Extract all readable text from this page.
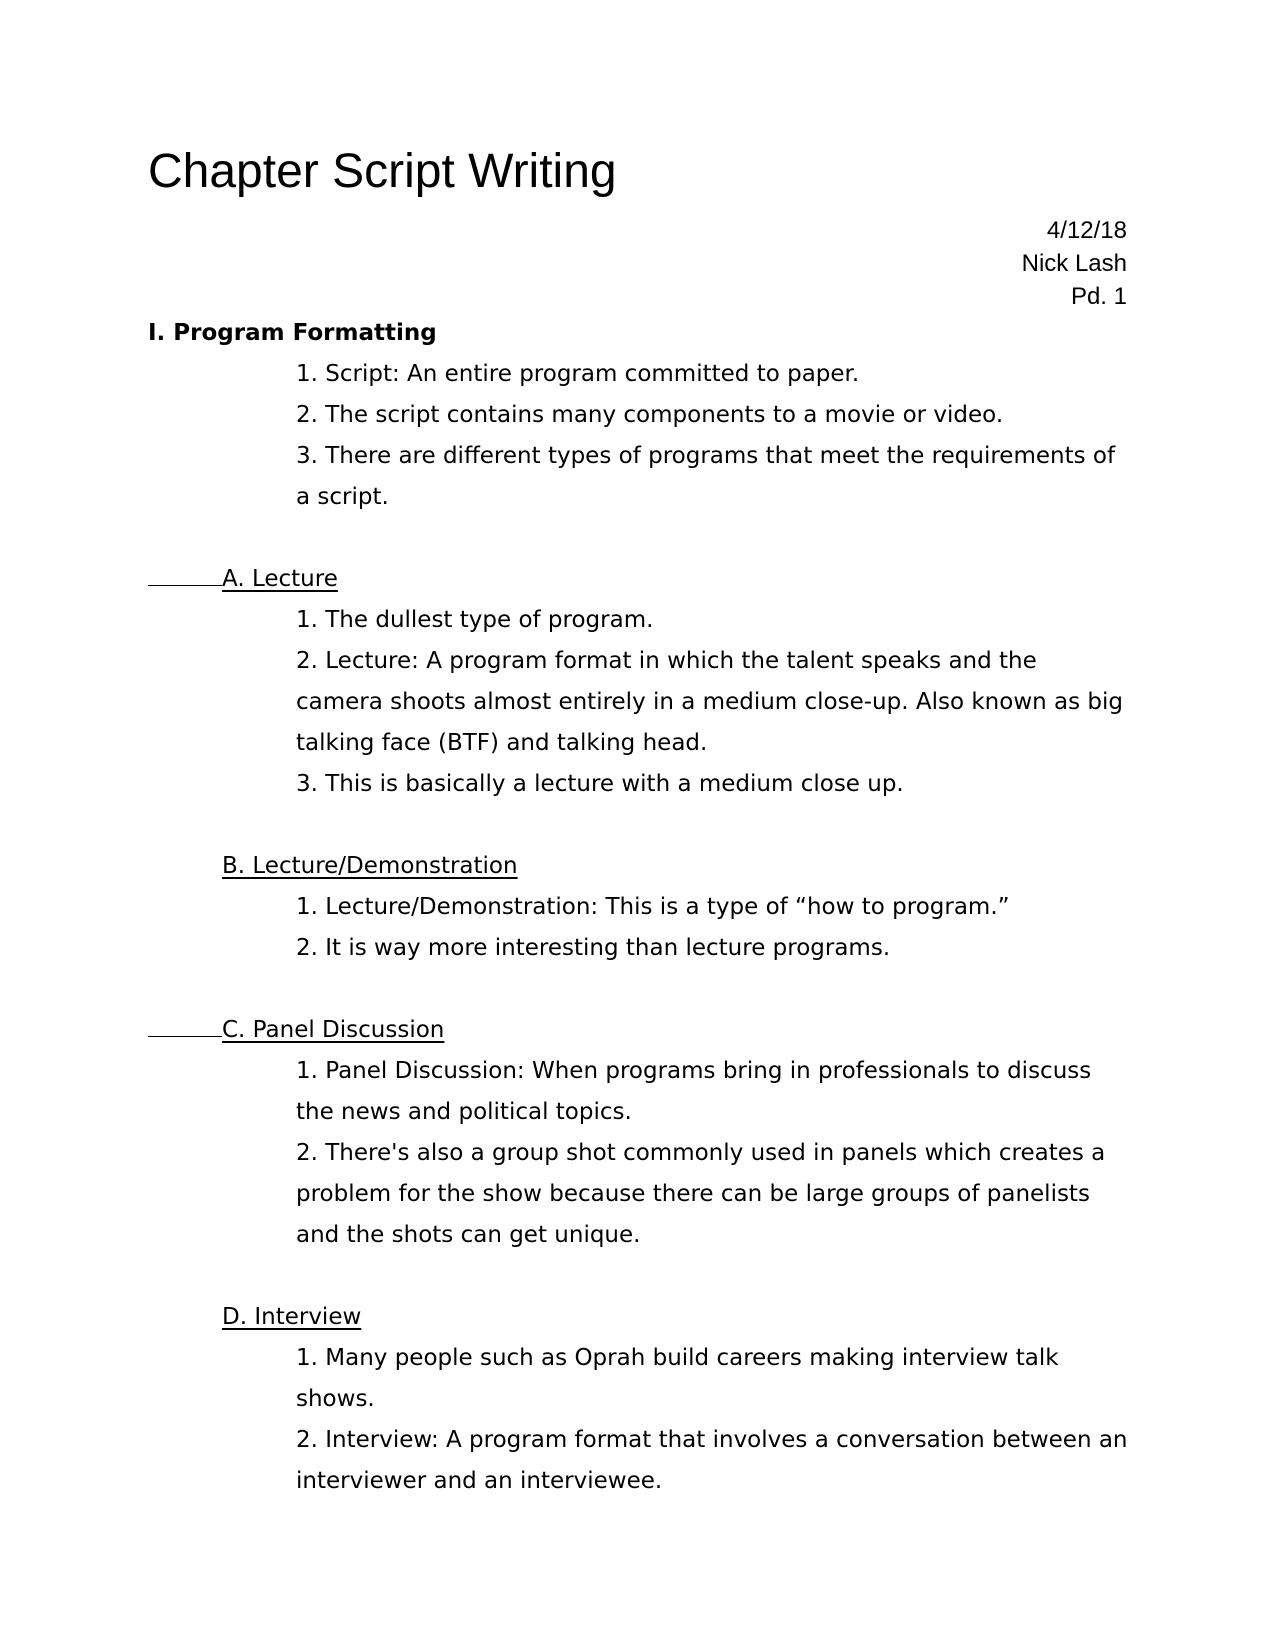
Chapter Script Writing
4/12/18
Nick Lash
Pd. 1
I. Program Formatting
1. Script: An entire program committed to paper.
2. The script contains many components to a movie or video.
3. There are different types of programs that meet the requirements of a script.
A. Lecture
1. The dullest type of program.
2. Lecture: A program format in which the talent speaks and the camera shoots almost entirely in a medium close-up. Also known as big talking face (BTF) and talking head.
3. This is basically a lecture with a medium close up.
B. Lecture/Demonstration
1. Lecture/Demonstration: This is a type of “how to program.”
2. It is way more interesting than lecture programs.
C. Panel Discussion
1. Panel Discussion: When programs bring in professionals to discuss the news and political topics.
2. There's also a group shot commonly used in panels which creates a problem for the show because there can be large groups of panelists and the shots can get unique.
D. Interview
1. Many people such as Oprah build careers making interview talk shows.
2. Interview: A program format that involves a conversation between an interviewer and an interviewee.
